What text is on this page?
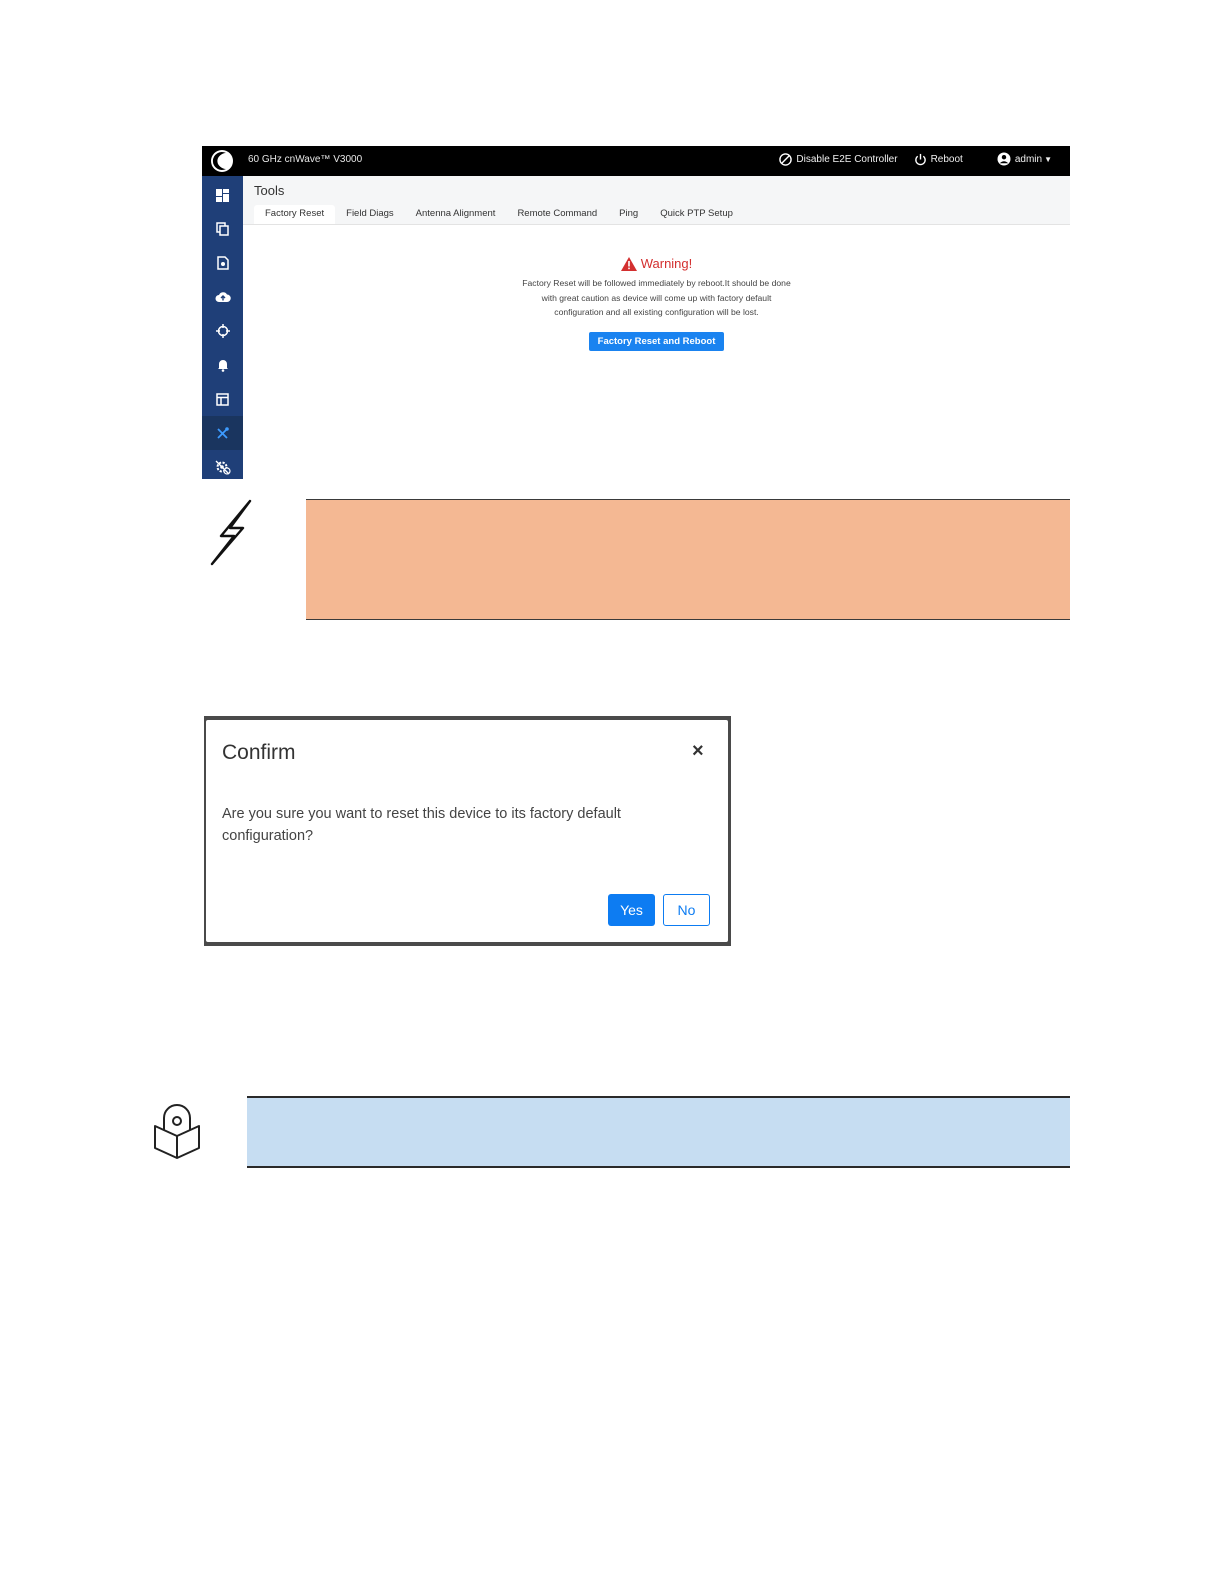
60 GHz cnWave™ V3000	Disable E2E Controller	Reboot	admin ▼
Tools
Factory Reset	Field Diags	Antenna Alignment	Remote Command	Ping	Quick PTP Setup
Warning!
Factory Reset will be followed immediately by reboot.It should be done
with great caution as device will come up with factory default
configuration and all existing configuration will be lost.
Factory Reset and Reboot
Confirm	×
Are you sure you want to reset this device to its factory default configuration?
Yes	No
